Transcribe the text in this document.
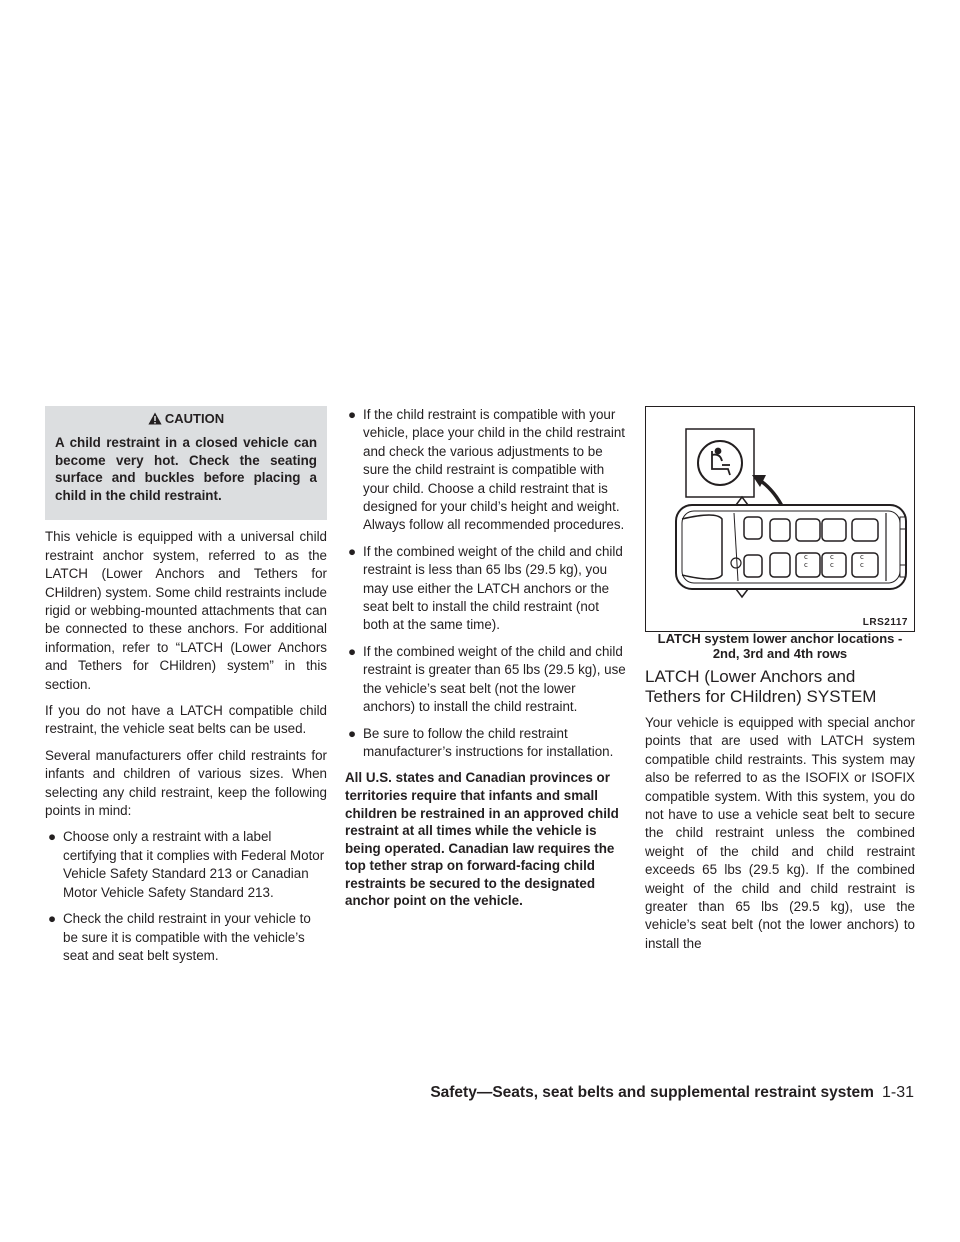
CAUTION

A child restraint in a closed vehicle can become very hot. Check the seating surface and buckles before placing a child in the child restraint.

This vehicle is equipped with a universal child restraint anchor system, referred to as the LATCH (Lower Anchors and Tethers for CHildren) system. Some child restraints include rigid or webbing-mounted attachments that can be connected to these anchors. For additional information, refer to “LATCH (Lower Anchors and Tethers for CHildren) system” in this section.

If you do not have a LATCH compatible child restraint, the vehicle seat belts can be used.

Several manufacturers offer child restraints for infants and children of various sizes. When selecting any child restraint, keep the following points in mind:

● Choose only a restraint with a label certifying that it complies with Federal Motor Vehicle Safety Standard 213 or Canadian Motor Vehicle Safety Standard 213.
● Check the child restraint in your vehicle to be sure it is compatible with the vehicle’s seat and seat belt system.
● If the child restraint is compatible with your vehicle, place your child in the child restraint and check the various adjustments to be sure the child restraint is compatible with your child. Choose a child restraint that is designed for your child’s height and weight. Always follow all recommended procedures.
● If the combined weight of the child and child restraint is less than 65 lbs (29.5 kg), you may use either the LATCH anchors or the seat belt to install the child restraint (not both at the same time).
● If the combined weight of the child and child restraint is greater than 65 lbs (29.5 kg), use the vehicle’s seat belt (not the lower anchors) to install the child restraint.
● Be sure to follow the child restraint manufacturer’s instructions for installation.

All U.S. states and Canadian provinces or territories require that infants and small children be restrained in an approved child restraint at all times while the vehicle is being operated. Canadian law requires the top tether strap on forward-facing child restraints be secured to the designated anchor point on the vehicle.

c
c
c
c
c
c
LRS2117
LATCH system lower anchor locations - 2nd, 3rd and 4th rows
LATCH (Lower Anchors and Tethers for CHildren) SYSTEM

Your vehicle is equipped with special anchor points that are used with LATCH system compatible child restraints. This system may also be referred to as the ISOFIX or ISOFIX compatible system. With this system, you do not have to use a vehicle seat belt to secure the child restraint unless the combined weight of the child and child restraint exceeds 65 lbs (29.5 kg). If the combined weight of the child and child restraint is greater than 65 lbs (29.5 kg), use the vehicle’s seat belt (not the lower anchors) to install the

Safety—Seats, seat belts and supplemental restraint system 1-31
